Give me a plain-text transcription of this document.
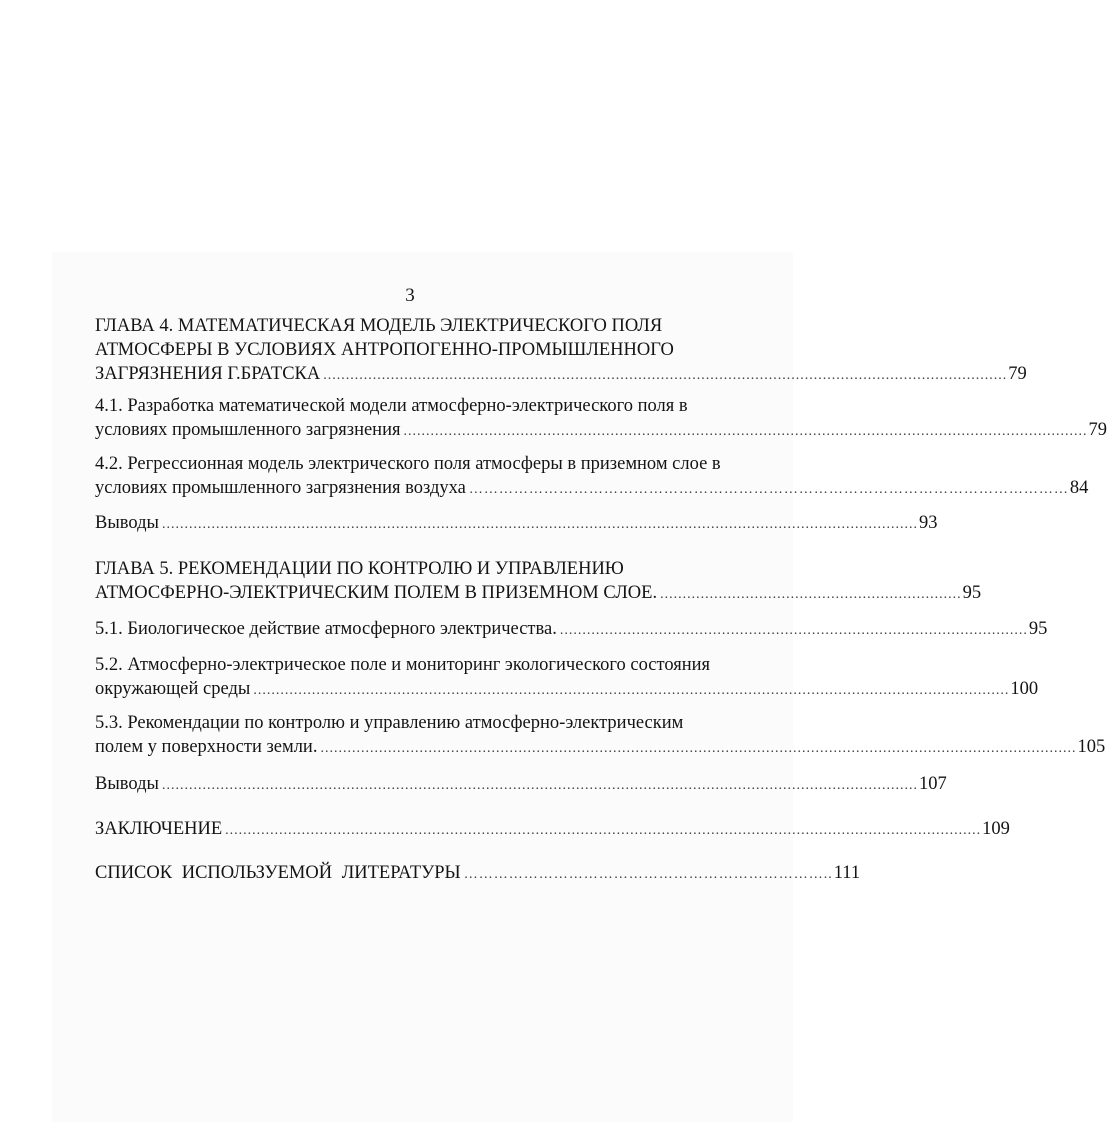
3
ГЛАВА 4. МАТЕМАТИЧЕСКАЯ МОДЕЛЬ ЭЛЕКТРИЧЕСКОГО ПОЛЯ
АТМОСФЕРЫ В УСЛОВИЯХ АНТРОПОГЕННО-ПРОМЫШЛЕННОГО
ЗАГРЯЗНЕНИЯ Г.БРАТСКА ........................................................................................................................................................ 79
4.1. Разработка математической модели атмосферно-электрического поля в
условиях промышленного загрязнения ........................................................................................................................................................ 79
4.2. Регрессионная модель электрического поля атмосферы в приземном слое в
условиях промышленного загрязнения воздуха ………………………………………………………………………………………………………… 84
Выводы ........................................................................................................................................................................ 93
ГЛАВА 5. РЕКОМЕНДАЦИИ ПО КОНТРОЛЮ И УПРАВЛЕНИЮ
АТМОСФЕРНО-ЭЛЕКТРИЧЕСКИМ ПОЛЕМ В ПРИЗЕМНОМ СЛОЕ. ................................................................... 95
5.1. Биологическое действие атмосферного электричества. ........................................................................................................ 95
5.2. Атмосферно-электрическое поле и мониторинг экологического состояния
окружающей среды ........................................................................................................................................................................ 100
5.3. Рекомендации по контролю и управлению атмосферно-электрическим
полем у поверхности земли. ........................................................................................................................................................................ 105
Выводы ........................................................................................................................................................................ 107
ЗАКЛЮЧЕНИЕ ........................................................................................................................................................................ 109
СПИСОК ИСПОЛЬЗУЕМОЙ ЛИТЕРАТУРЫ ……………………………………………………………….. 111
